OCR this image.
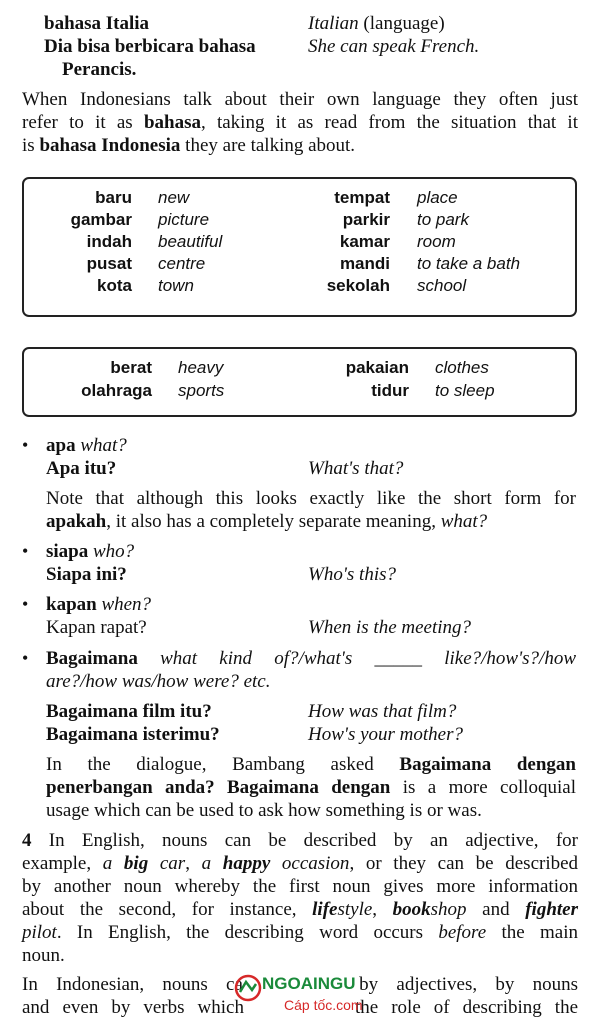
bahasa Italia	Italian (language)
Dia bisa berbicara bahasa	She can speak French.
Perancis.
When Indonesians talk about their own language they often just
refer to it as bahasa, taking it as read from the situation that it
is bahasa Indonesia they are talking about.
baru new	tempat place
gambar picture	parkir to park
indah beautiful	kamar room
pusat centre	mandi to take a bath
kota town	sekolah school
berat heavy	pakaian clothes
olahraga sports	tidur to sleep
• apa what?
Apa itu?	What's that?
Note that although this looks exactly like the short form for
apakah, it also has a completely separate meaning, what?
• siapa who?
Siapa ini?	Who's this?
• kapan when?
Kapan rapat?	When is the meeting?
• Bagaimana what kind of?/what's _____ like?/how's?/how
are?/how was/how were? etc.
Bagaimana film itu?	How was that film?
Bagaimana isterimu?	How's your mother?
In the dialogue, Bambang asked Bagaimana dengan
penerbangan anda? Bagaimana dengan is a more colloquial
usage which can be used to ask how something is or was.
4 In English, nouns can be described by an adjective, for
example, a big car, a happy occasion, or they can be described
by another noun whereby the first noun gives more information
about the second, for instance, lifestyle, bookshop and fighter
pilot. In English, the describing word occurs before the main
noun.
In Indonesian, nouns ca	by adjectives, by nouns
and even by verbs which	the role of describing the
NGOAINGU
Cáp tốc.com
